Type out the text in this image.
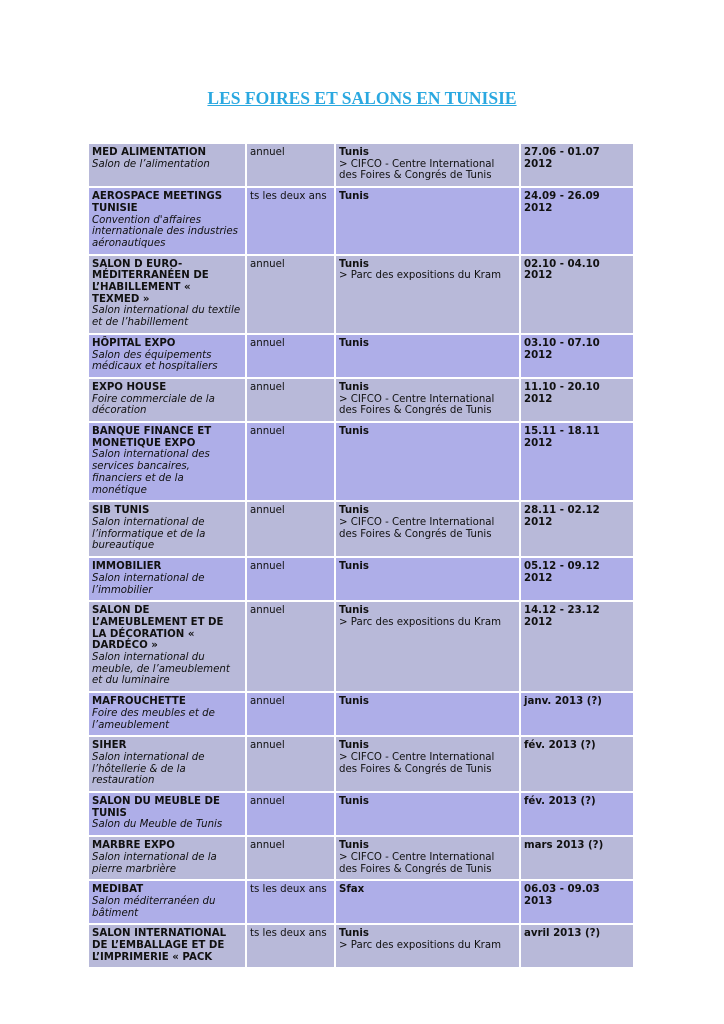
LES FOIRES ET SALONS EN TUNISIE
MED ALIMENTATION
Salon de l’alimentation	annuel	Tunis
> CIFCO - Centre International des Foires & Congrés de Tunis	27.06 - 01.07 2012

AEROSPACE MEETINGS TUNISIE
Convention d'affaires internationale des industries aéronautiques	ts les deux ans	Tunis	24.09 - 26.09 2012

SALON D EURO-MÉDITERRANÉEN DE L’HABILLEMENT « TEXMED »
Salon international du textile et de l’habillement	annuel	Tunis
> Parc des expositions du Kram	02.10 - 04.10 2012

HÔPITAL EXPO
Salon des équipements médicaux et hospitaliers	annuel	Tunis	03.10 - 07.10 2012

EXPO HOUSE
Foire commerciale de la décoration	annuel	Tunis
> CIFCO - Centre International des Foires & Congrés de Tunis	11.10 - 20.10 2012

BANQUE FINANCE ET MONETIQUE EXPO
Salon international des services bancaires, financiers et de la monétique	annuel	Tunis	15.11 - 18.11 2012

SIB TUNIS
Salon international de l’informatique et de la bureautique	annuel	Tunis
> CIFCO - Centre International des Foires & Congrés de Tunis	28.11 - 02.12 2012

IMMOBILIER
Salon international de l’immobilier	annuel	Tunis	05.12 - 09.12 2012

SALON DE L’AMEUBLEMENT ET DE LA DÉCORATION « DARDÉCO »
Salon international du meuble, de l’ameublement et du luminaire	annuel	Tunis
> Parc des expositions du Kram	14.12 - 23.12 2012

MAFROUCHETTE
Foire des meubles et de l’ameublement	annuel	Tunis	janv. 2013 (?)

SIHER
Salon international de l’hôtellerie & de la restauration	annuel	Tunis
> CIFCO - Centre International des Foires & Congrés de Tunis	fév. 2013 (?)

SALON DU MEUBLE DE TUNIS
Salon du Meuble de Tunis	annuel	Tunis	fév. 2013 (?)

MARBRE EXPO
Salon international de la pierre marbrière	annuel	Tunis
> CIFCO - Centre International des Foires & Congrés de Tunis	mars 2013 (?)

MEDIBAT
Salon méditerranéen du bâtiment	ts les deux ans	Sfax	06.03 - 09.03 2013

SALON INTERNATIONAL DE L’EMBALLAGE ET DE L’IMPRIMERIE « PACK	ts les deux ans	Tunis
> Parc des expositions du Kram	avril 2013 (?)
